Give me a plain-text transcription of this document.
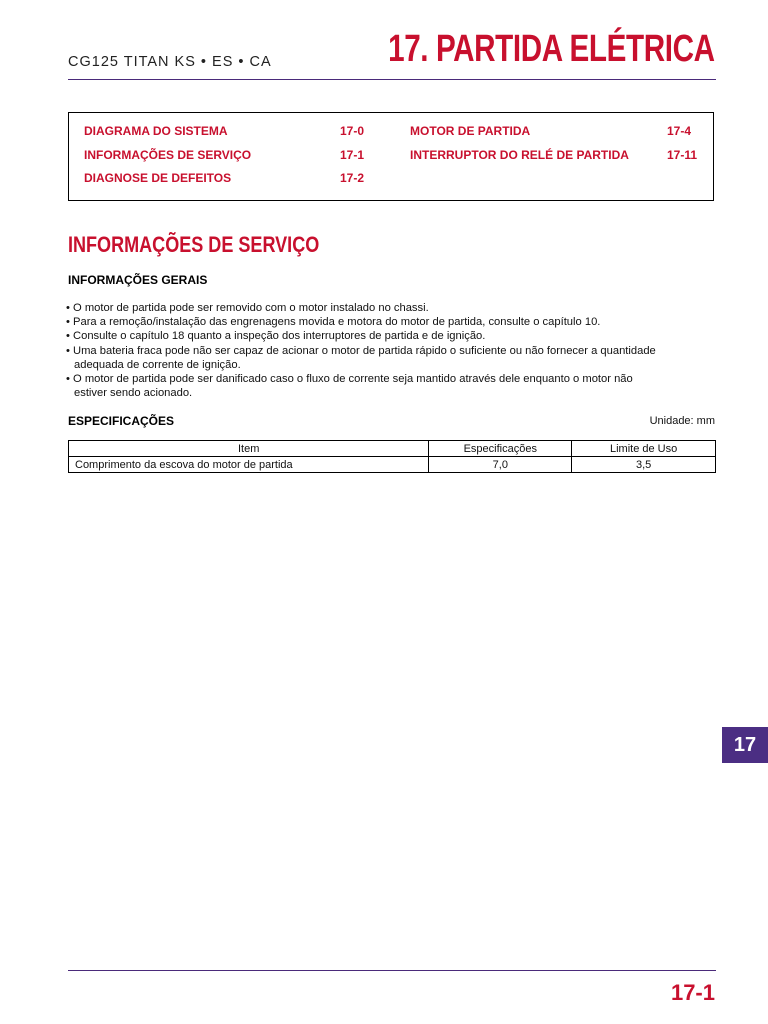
CG125 TITAN KS • ES • CA	17. PARTIDA ELÉTRICA
DIAGRAMA DO SISTEMA	17-0
INFORMAÇÕES DE SERVIÇO	17-1
DIAGNOSE DE DEFEITOS	17-2
MOTOR DE PARTIDA	17-4
INTERRUPTOR DO RELÉ DE PARTIDA	17-11
INFORMAÇÕES DE SERVIÇO
INFORMAÇÕES GERAIS
• O motor de partida pode ser removido com o motor instalado no chassi.
• Para a remoção/instalação das engrenagens movida e motora do motor de partida, consulte o capítulo 10.
• Consulte o capítulo 18 quanto a inspeção dos interruptores de partida e de ignição.
• Uma bateria fraca pode não ser capaz de acionar o motor de partida rápido o suficiente ou não fornecer a quantidade
adequada de corrente de ignição.
• O motor de partida pode ser danificado caso o fluxo de corrente seja mantido através dele enquanto o motor não
estiver sendo acionado.
ESPECIFICAÇÕES	Unidade: mm
Item	Especificações	Limite de Uso
Comprimento da escova do motor de partida	7,0	3,5
17
17-1
